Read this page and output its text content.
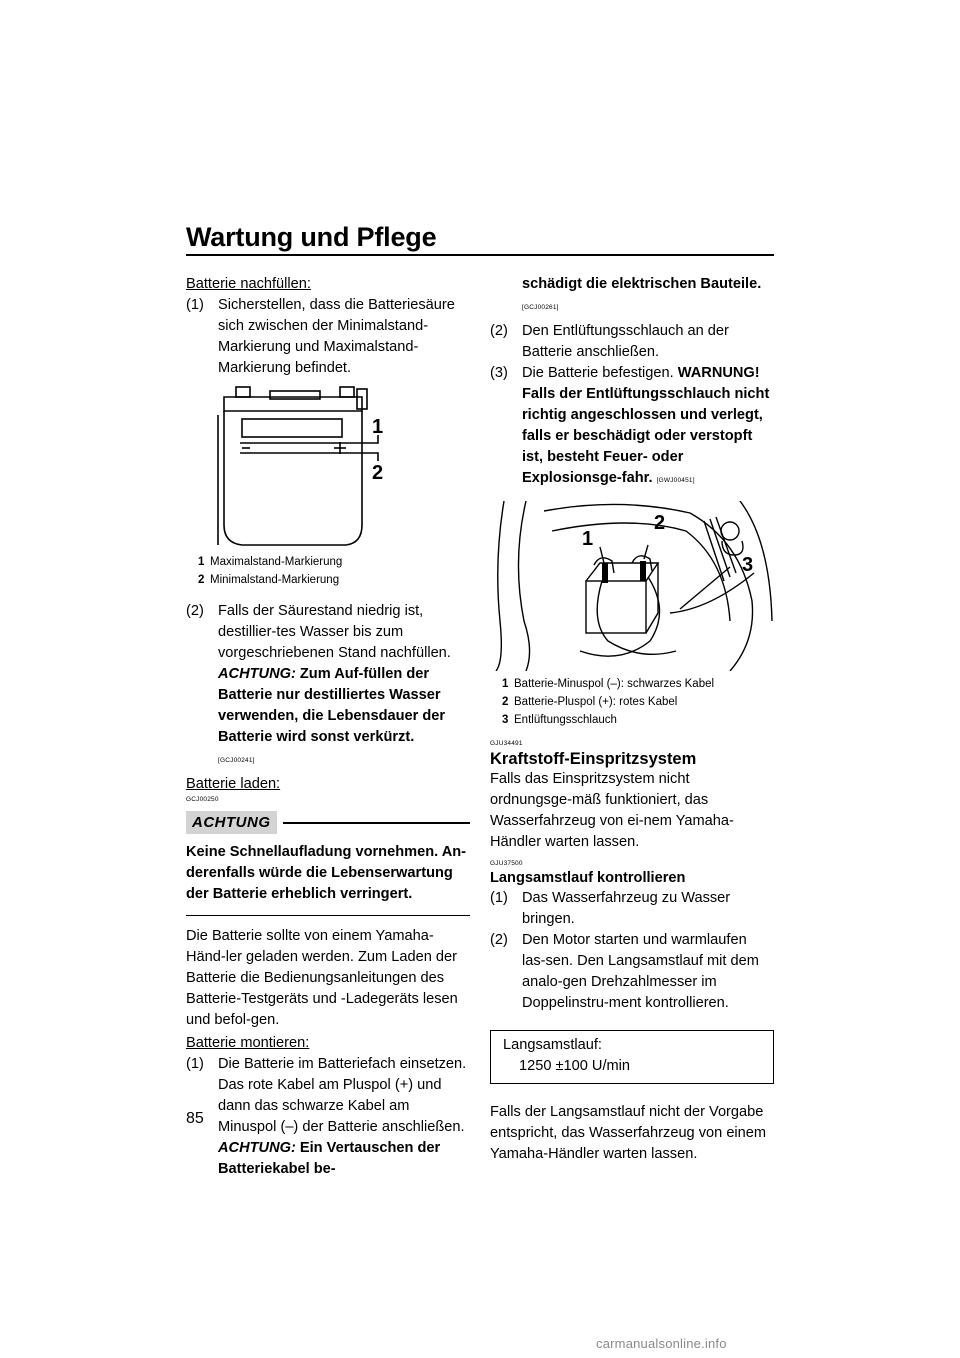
Wartung und Pflege

Batterie nachfüllen:

(1) Sicherstellen, dass die Batteriesäure sich zwischen der Minimalstand-Markierung und Maximalstand-Markierung befindet.
1
2
1 Maximalstand-Markierung
2 Minimalstand-Markierung
(2) Falls der Säurestand niedrig ist, destillier-tes Wasser bis zum vorgeschriebenen Stand nachfüllen. ACHTUNG: Zum Auf-füllen der Batterie nur destilliertes Wasser verwenden, die Lebensdauer der Batterie wird sonst verkürzt.
[GCJ00241]

Batterie laden:

GCJ00250
ACHTUNG
Keine Schnellaufladung vornehmen. An-derenfalls würde die Lebenserwartung der Batterie erheblich verringert.

Die Batterie sollte von einem Yamaha-Händ-ler geladen werden. Zum Laden der Batterie die Bedienungsanleitungen des Batterie-Testgeräts und -Ladegeräts lesen und befol-gen.

Batterie montieren:

(1) Die Batterie im Batteriefach einsetzen. Das rote Kabel am Pluspol (+) und dann das schwarze Kabel am Minuspol (–) der Batterie anschließen. ACHTUNG: Ein Vertauschen der Batteriekabel be-

schädigt die elektrischen Bauteile.

[GCJ00261]
(2) Den Entlüftungsschlauch an der Batterie anschließen.
(3) Die Batterie befestigen. WARNUNG! Falls der Entlüftungsschlauch nicht richtig angeschlossen und verlegt, falls er beschädigt oder verstopft ist, besteht Feuer- oder Explosionsge-fahr. [GWJ00451]
1
2
3
1 Batterie-Minuspol (–): schwarzes Kabel
2 Batterie-Pluspol (+): rotes Kabel
3 Entlüftungsschlauch
GJU34491
Kraftstoff-Einspritzsystem

Falls das Einspritzsystem nicht ordnungsge-mäß funktioniert, das Wasserfahrzeug von ei-nem Yamaha-Händler warten lassen.

GJU37500
Langsamstlauf kontrollieren
(1) Das Wasserfahrzeug zu Wasser bringen.
(2) Den Motor starten und warmlaufen las-sen. Den Langsamstlauf mit dem analo-gen Drehzahlmesser im Doppelinstru-ment kontrollieren.
Langsamstlauf:
1250 ±100 U/min

Falls der Langsamstlauf nicht der Vorgabe entspricht, das Wasserfahrzeug von einem Yamaha-Händler warten lassen.

85
carmanualsonline.info
